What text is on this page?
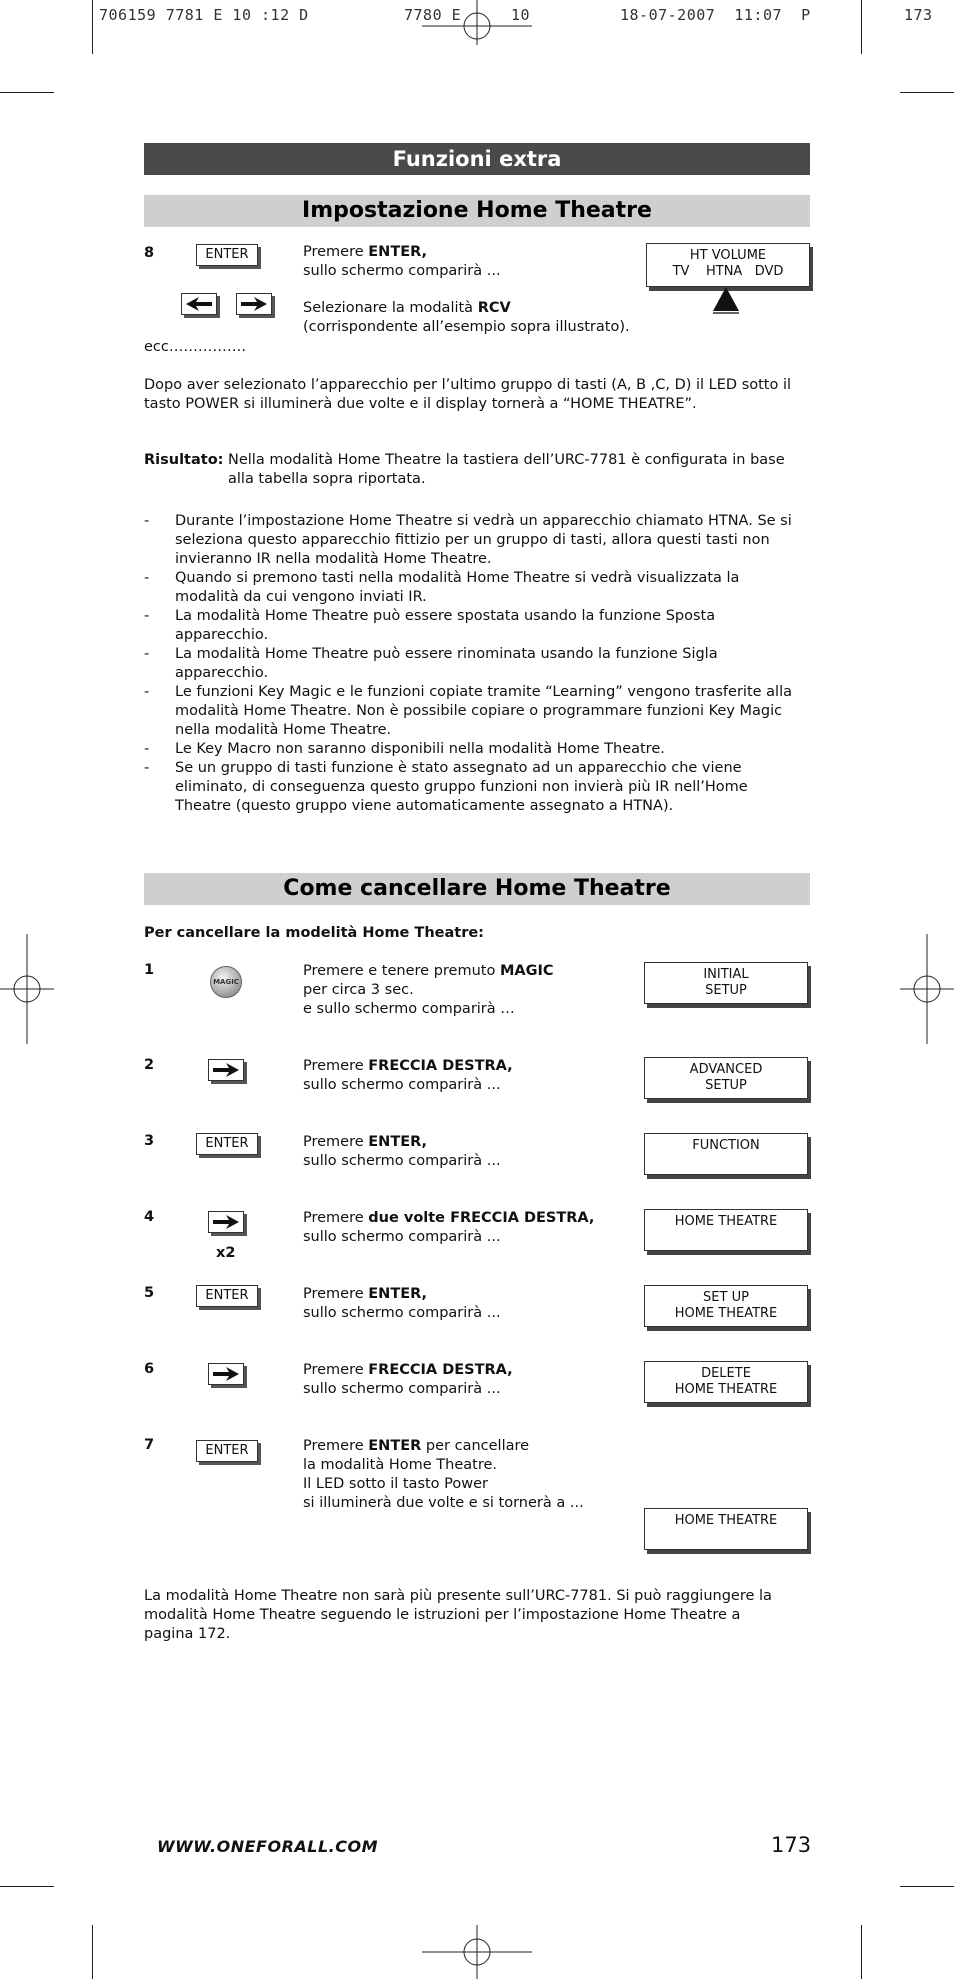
706159 7781 E 10 :12 D	7780 E	10	18-07-2007  11:07  P	173
Funzioni extra
Impostazione Home Theatre
8	ENTER	Premere ENTER,
sullo schermo comparirà ...
Selezionare la modalità RCV
(corrispondente all’esempio sopra illustrato).
HT VOLUME
TV    HTNA   DVD
ecc…………….
Dopo aver selezionato l’apparecchio per l’ultimo gruppo di tasti (A, B ,C, D) il LED sotto il tasto POWER si illuminerà due volte e il display tornerà a “HOME THEATRE”.
Risultato: Nella modalità Home Theatre la tastiera dell’URC-7781 è configurata in base
alla tabella sopra riportata.
- Durante l’impostazione Home Theatre si vedrà un apparecchio chiamato HTNA. Se si seleziona questo apparecchio fittizio per un gruppo di tasti, allora questi tasti non invieranno IR nella modalità Home Theatre.
- Quando si premono tasti nella modalità Home Theatre si vedrà visualizzata la modalità da cui vengono inviati IR.
- La modalità Home Theatre può essere spostata usando la funzione Sposta apparecchio.
- La modalità Home Theatre può essere rinominata usando la funzione Sigla apparecchio.
- Le funzioni Key Magic e le funzioni copiate tramite “Learning” vengono trasferite alla modalità Home Theatre. Non è possibile copiare o programmare funzioni Key Magic nella modalità Home Theatre.
- Le Key Macro non saranno disponibili nella modalità Home Theatre.
- Se un gruppo di tasti funzione è stato assegnato ad un apparecchio che viene eliminato, di conseguenza questo gruppo funzioni non invierà più IR nell’Home Theatre (questo gruppo viene automaticamente assegnato a HTNA).
Come cancellare Home Theatre
Per cancellare la modelità Home Theatre:
1
MAGIC
Premere e tenere premuto MAGIC
per circa 3 sec.
e sullo schermo comparirà …
INITIAL
SETUP
2	Premere FRECCIA DESTRA,
sullo schermo comparirà ...
ADVANCED
SETUP
3	ENTER	Premere ENTER,
sullo schermo comparirà ...
FUNCTION
4
x2
Premere due volte FRECCIA DESTRA,
sullo schermo comparirà ...
HOME THEATRE
5	ENTER	Premere ENTER,
sullo schermo comparirà ...
SET UP
HOME THEATRE
6	Premere FRECCIA DESTRA,
sullo schermo comparirà ...
DELETE
HOME THEATRE
7	ENTER	Premere ENTER per cancellare
la modalità Home Theatre.
Il LED sotto il tasto Power
si illuminerà due volte e si tornerà a ...
HOME THEATRE
La modalità Home Theatre non sarà più presente sull’URC-7781. Si può raggiungere la modalità Home Theatre seguendo le istruzioni per l’impostazione Home Theatre a pagina 172.
WWW.ONEFORALL.COM	173
